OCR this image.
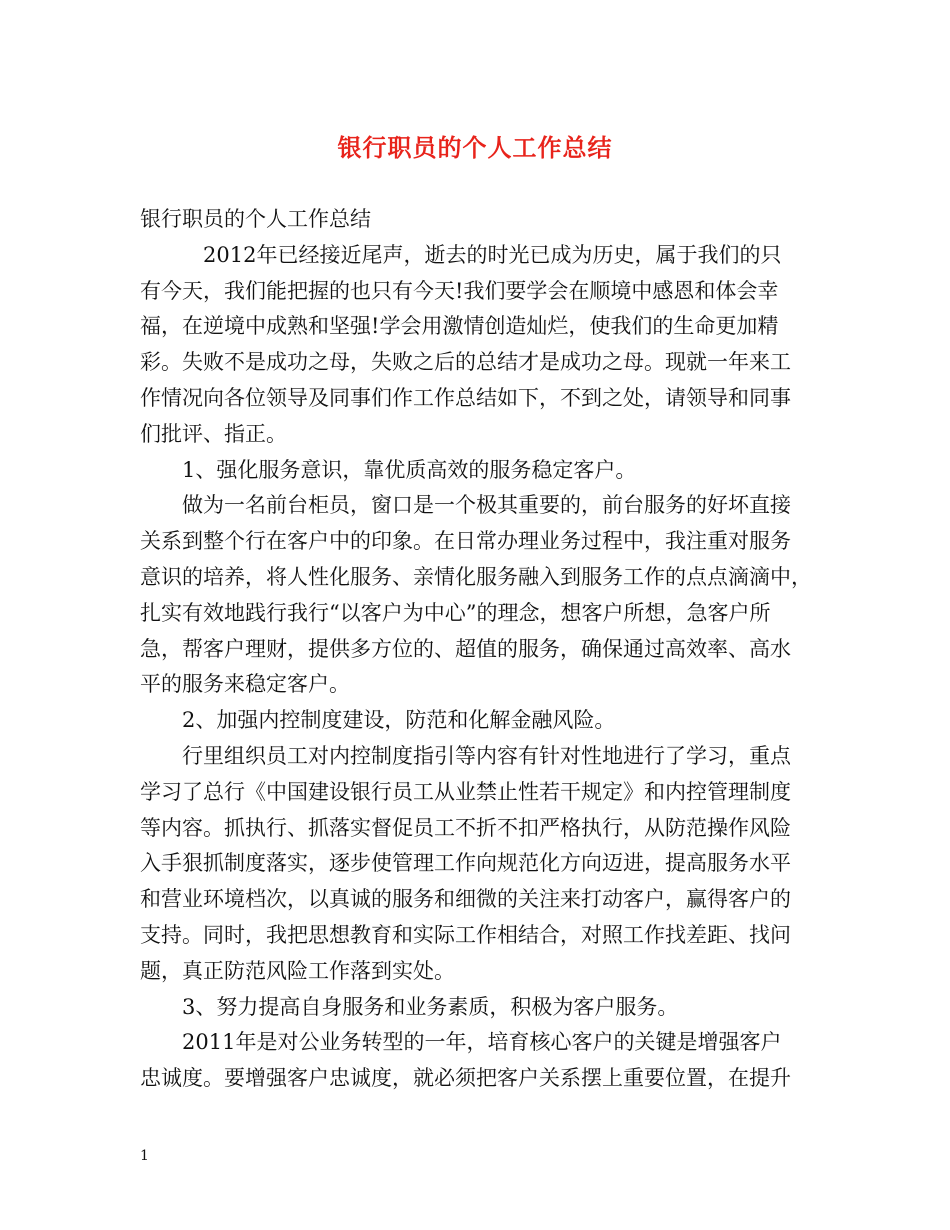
银行职员的个人工作总结
银行职员的个人工作总结
2012年已经接近尾声，逝去的时光已成为历史，属于我们的只
有今天，我们能把握的也只有今天!我们要学会在顺境中感恩和体会幸
福，在逆境中成熟和坚强!学会用激情创造灿烂，使我们的生命更加精
彩。失败不是成功之母，失败之后的总结才是成功之母。现就一年来工
作情况向各位领导及同事们作工作总结如下，不到之处，请领导和同事
们批评、指正。
1、强化服务意识，靠优质高效的服务稳定客户。
做为一名前台柜员，窗口是一个极其重要的，前台服务的好坏直接
关系到整个行在客户中的印象。在日常办理业务过程中，我注重对服务
意识的培养，将人性化服务、亲情化服务融入到服务工作的点点滴滴中，
扎实有效地践行我行“以客户为中心”的理念，想客户所想，急客户所
急，帮客户理财，提供多方位的、超值的服务，确保通过高效率、高水
平的服务来稳定客户。
2、加强内控制度建设，防范和化解金融风险。
行里组织员工对内控制度指引等内容有针对性地进行了学习，重点
学习了总行《中国建设银行员工从业禁止性若干规定》和内控管理制度
等内容。抓执行、抓落实督促员工不折不扣严格执行，从防范操作风险
入手狠抓制度落实，逐步使管理工作向规范化方向迈进，提高服务水平
和营业环境档次，以真诚的服务和细微的关注来打动客户，赢得客户的
支持。同时，我把思想教育和实际工作相结合，对照工作找差距、找问
题，真正防范风险工作落到实处。
3、努力提高自身服务和业务素质，积极为客户服务。
2011年是对公业务转型的一年，培育核心客户的关键是增强客户
忠诚度。要增强客户忠诚度，就必须把客户关系摆上重要位置，在提升
1
